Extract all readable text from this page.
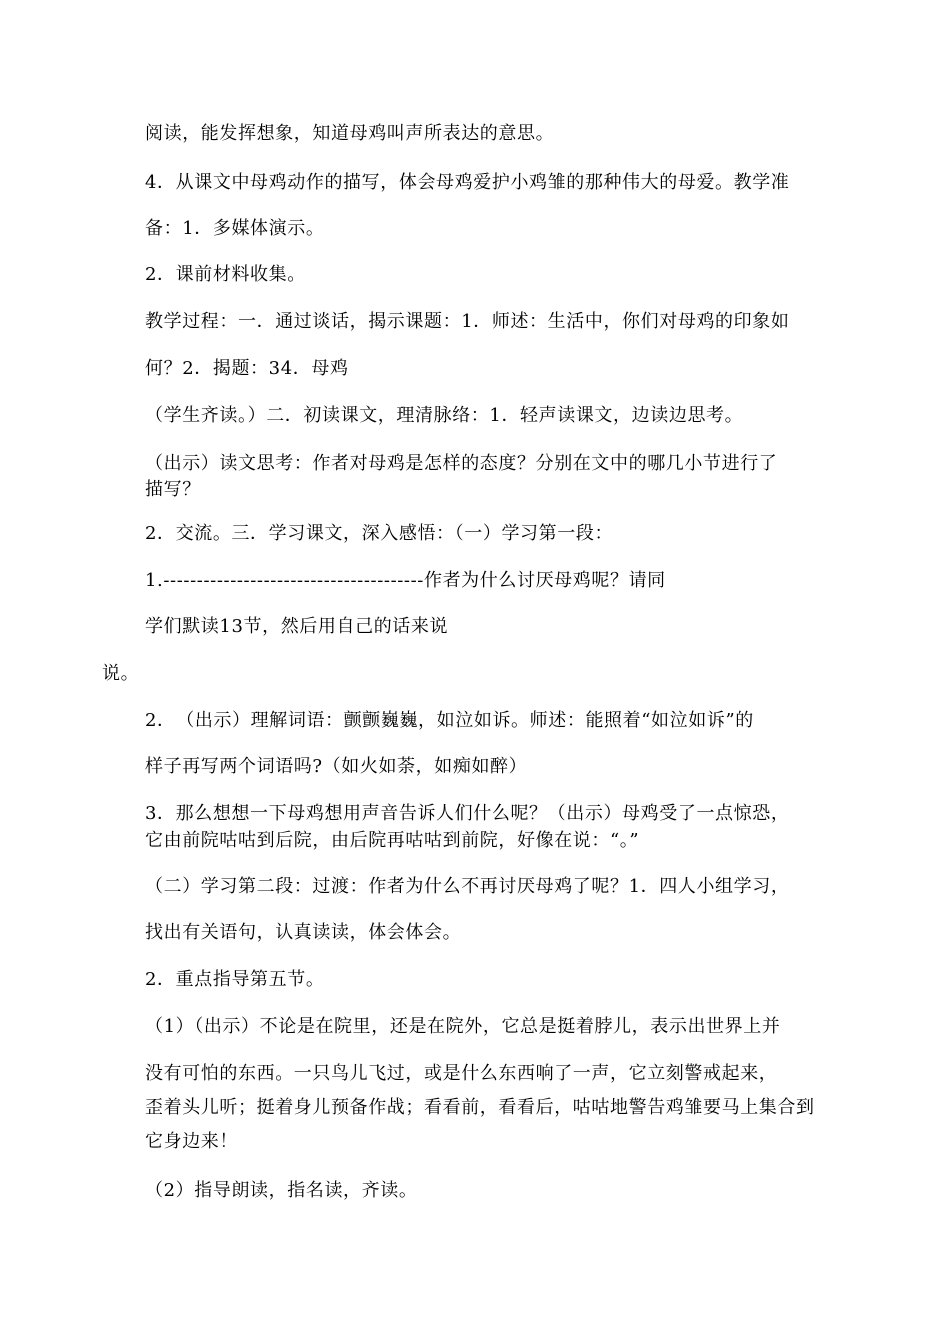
阅读，能发挥想象，知道母鸡叫声所表达的意思。
4．从课文中母鸡动作的描写，体会母鸡爱护小鸡雏的那种伟大的母爱。教学准
备：1．多媒体演示。
2．课前材料收集。
教学过程：一．通过谈话，揭示课题：1．师述：生活中，你们对母鸡的印象如
何？2．揭题：34．母鸡
（学生齐读。）二．初读课文，理清脉络：1．轻声读课文，边读边思考。
（出示）读文思考：作者对母鸡是怎样的态度？分别在文中的哪几小节进行了
描写？
2．交流。三．学习课文，深入感悟：（一）学习第一段：
1.---------------------------------------作者为什么讨厌母鸡呢？请同
学们默读13节，然后用自己的话来说
说。
2．　（出示）理解词语：颤颤巍巍，如泣如诉。师述：能照着“如泣如诉”的
样子再写两个词语吗?（如火如荼，如痴如醉）
3．那么想想一下母鸡想用声音告诉人们什么呢？（出示）母鸡受了一点惊恐，
它由前院咕咕到后院，由后院再咕咕到前院，好像在说：“。”
（二）学习第二段：过渡：作者为什么不再讨厌母鸡了呢？1．四人小组学习，
找出有关语句，认真读读，体会体会。
2．重点指导第五节。
（1）（出示）不论是在院里，还是在院外，它总是挺着脖儿，表示出世界上并
没有可怕的东西。一只鸟儿飞过，或是什么东西响了一声，它立刻警戒起来，
歪着头儿听；挺着身儿预备作战；看看前，看看后，咕咕地警告鸡雏要马上集合到
它身边来！
（2）指导朗读，指名读，齐读。
